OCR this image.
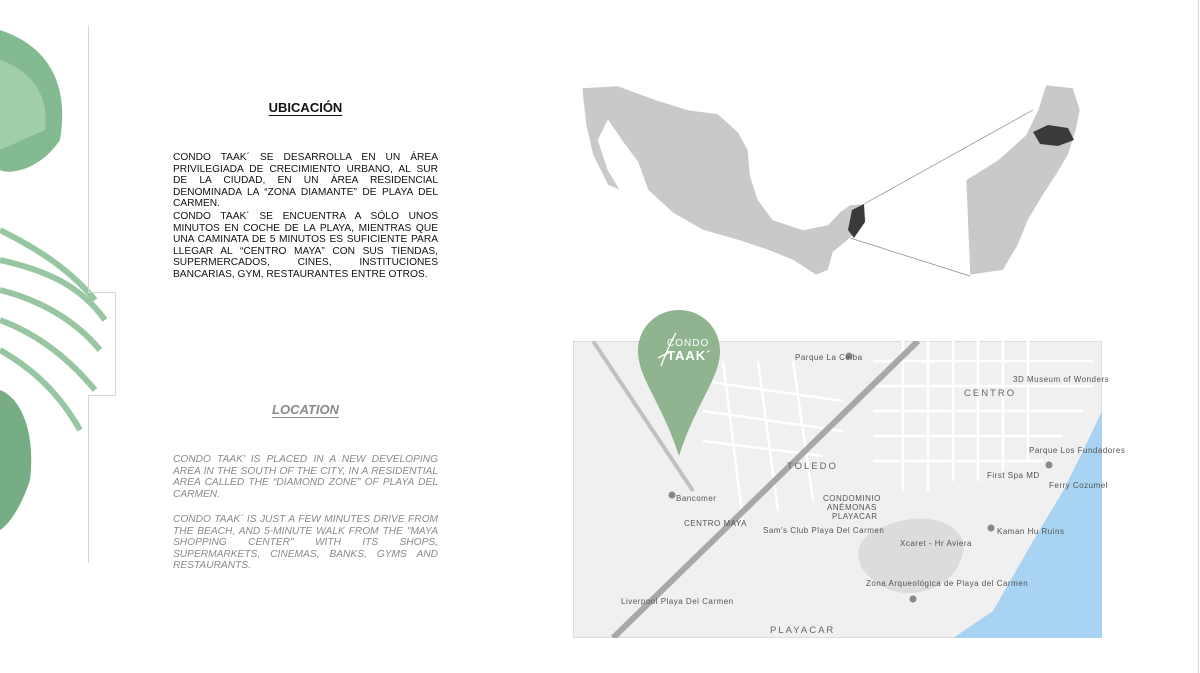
UBICACIÓN

CONDO TAAK´ SE DESARROLLA EN UN ÁREA PRIVILEGIADA DE CRECIMIENTO URBANO, AL SUR DE LA CIUDAD, EN UN ÁREA RESIDENCIAL DENOMINADA LA “ZONA DIAMANTE” DE PLAYA DEL CARMEN.

CONDO TAAK´ SE ENCUENTRA A SÓLO UNOS MINUTOS EN COCHE DE LA PLAYA, MIENTRAS QUE UNA CAMINATA DE 5 MINUTOS ES SUFICIENTE PARA LLEGAR AL “CENTRO MAYA” CON SUS TIENDAS, SUPERMERCADOS, CINES, INSTITUCIONES BANCARIAS, GYM, RESTAURANTES ENTRE OTROS.

LOCATION

CONDO TAAK’ IS PLACED IN A NEW DEVELOPING AREA IN THE SOUTH OF THE CITY, IN A RESIDENTIAL AREA CALLED THE “DIAMOND ZONE” OF PLAYA DEL CARMEN.

CONDO TAAK´ IS JUST A FEW MINUTES DRIVE FROM THE BEACH, AND 5-MINUTE WALK FROM THE "MAYA SHOPPING CENTER" WITH ITS SHOPS, SUPERMARKETS, CINEMAS, BANKS, GYMS AND RESTAURANTS.

CENTRO
TOLEDO
CONDOMINIO
ANÉMONAS
PLAYACAR
PLAYACAR
Parque La Ceiba
CENTRO MAYA
Bancomer
Sam's Club Playa Del Carmen
Liverpool Playa Del Carmen
Xcaret - Hr Aviera
Kaman Hu Ruins
Zona Arqueológica de Playa del Carmen
Ferry Cozumel
Parque Los Fundadores
First Spa MD
3D Museum of Wonders
CONDO
TAAK´
